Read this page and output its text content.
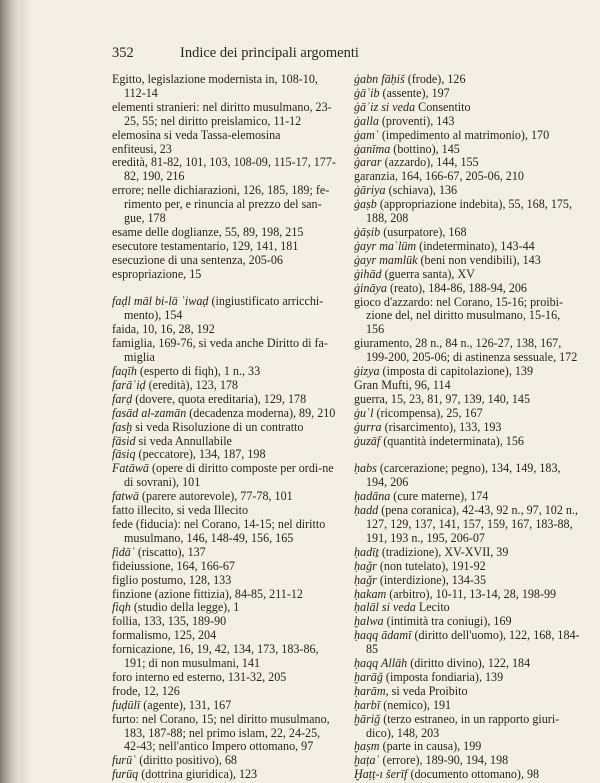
352	Indice dei principali argomenti
Egitto, legislazione modernista in, 108-10, 112-14
elementi stranieri: nel diritto musulmano, 23-25, 55; nel diritto preislamico, 11-12
elemosina si veda Tassa-elemosina
enfiteusi, 23
eredità, 81-82, 101, 103, 108-09, 115-17, 177-82, 190, 216
errore; nelle dichiarazioni, 126, 185, 189; fe-rimento per, e rinuncia al prezzo del san-gue, 178
esame delle doglianze, 55, 89, 198, 215
esecutore testamentario, 129, 141, 181
esecuzione di una sentenza, 205-06
espropriazione, 15
faḍl māl bi-lā ʿiwaḍ (ingiustificato arricchi-mento), 154
faida, 10, 16, 28, 192
famiglia, 169-76, si veda anche Diritto di fa-miglia
faqīh (esperto di fiqh), 1 n., 33
farāʾiḍ (eredità), 123, 178
farḍ (dovere, quota ereditaria), 129, 178
fasād al-zamān (decadenza moderna), 89, 210
fasḫ si veda Risoluzione di un contratto
fāsid si veda Annullabile
fāsiq (peccatore), 134, 187, 198
Fatāwā (opere di diritto composte per ordi-ne di sovrani), 101
fatwā (parere autorevole), 77-78, 101
fatto illecito, si veda Illecito
fede (fiducia): nel Corano, 14-15; nel diritto musulmano, 146, 148-49, 156, 165
fidāʾ (riscatto), 137
fideiussione, 164, 166-67
figlio postumo, 128, 133
finzione (azione fittizia), 84-85, 211-12
fiqh (studio della legge), 1
follia, 133, 135, 189-90
formalismo, 125, 204
fornicazione, 16, 19, 42, 134, 173, 183-86, 191; di non musulmani, 141
foro interno ed esterno, 131-32, 205
frode, 12, 126
fuḍūlī (agente), 131, 167
furto: nel Corano, 15; nel diritto musulmano, 183, 187-88; nel primo islam, 22, 24-25, 42-43; nell'antico Impero ottomano, 97
furūʿ (diritto positivo), 68
furūq (dottrina giuridica), 123
ġabn fāḥiš (frode), 126
ġāʾib (assente), 197
ġāʾiz si veda Consentito
ġalla (proventi), 143
ġamʿ (impedimento al matrimonio), 170
ġanīma (bottino), 145
ġarar (azzardo), 144, 155
garanzia, 164, 166-67, 205-06, 210
ġāriya (schiava), 136
ġaṣb (appropriazione indebita), 55, 168, 175, 188, 208
ġāṣib (usurpatore), 168
ġayr maʿlūm (indeterminato), 143-44
ġayr mamlūk (beni non vendibili), 143
ġihād (guerra santa), XV
ġināya (reato), 184-86, 188-94, 206
gioco d'azzardo: nel Corano, 15-16; proibi-zione del, nel diritto musulmano, 15-16, 156
giuramento, 28 n., 84 n., 126-27, 138, 167, 199-200, 205-06; di astinenza sessuale, 172
ġizya (imposta di capitolazione), 139
Gran Mufti, 96, 114
guerra, 15, 23, 81, 97, 139, 140, 145
ġuʿl (ricompensa), 25, 167
ġurra (risarcimento), 133, 193
ġuzāf (quantità indeterminata), 156
ḥabs (carcerazione; pegno), 134, 149, 183, 194, 206
ḥadāna (cure materne), 174
ḥadd (pena coranica), 42-43, 92 n., 97, 102 n., 127, 129, 137, 141, 157, 159, 167, 183-88, 191, 193 n., 195, 206-07
ḥadīṯ (tradizione), XV-XVII, 39
ḥaǧr (non tutelato), 191-92
ḥaǧr (interdizione), 134-35
ḥakam (arbitro), 10-11, 13-14, 28, 198-99
ḥalāl si veda Lecito
ḫalwa (intimità tra coniugi), 169
ḥaqq ādamī (diritto dell'uomo), 122, 168, 184-85
ḥaqq Allāh (diritto divino), 122, 184
ḫarāǧ (imposta fondiaria), 139
ḥarām, si veda Proibito
ḥarbī (nemico), 191
ḫāriǧ (terzo estraneo, in un rapporto giuri-dico), 148, 203
ḫaṣm (parte in causa), 199
ḫaṭaʾ (errore), 189-90, 194, 198
Ḫaṭṭ-ı šerīf (documento ottomano), 98
